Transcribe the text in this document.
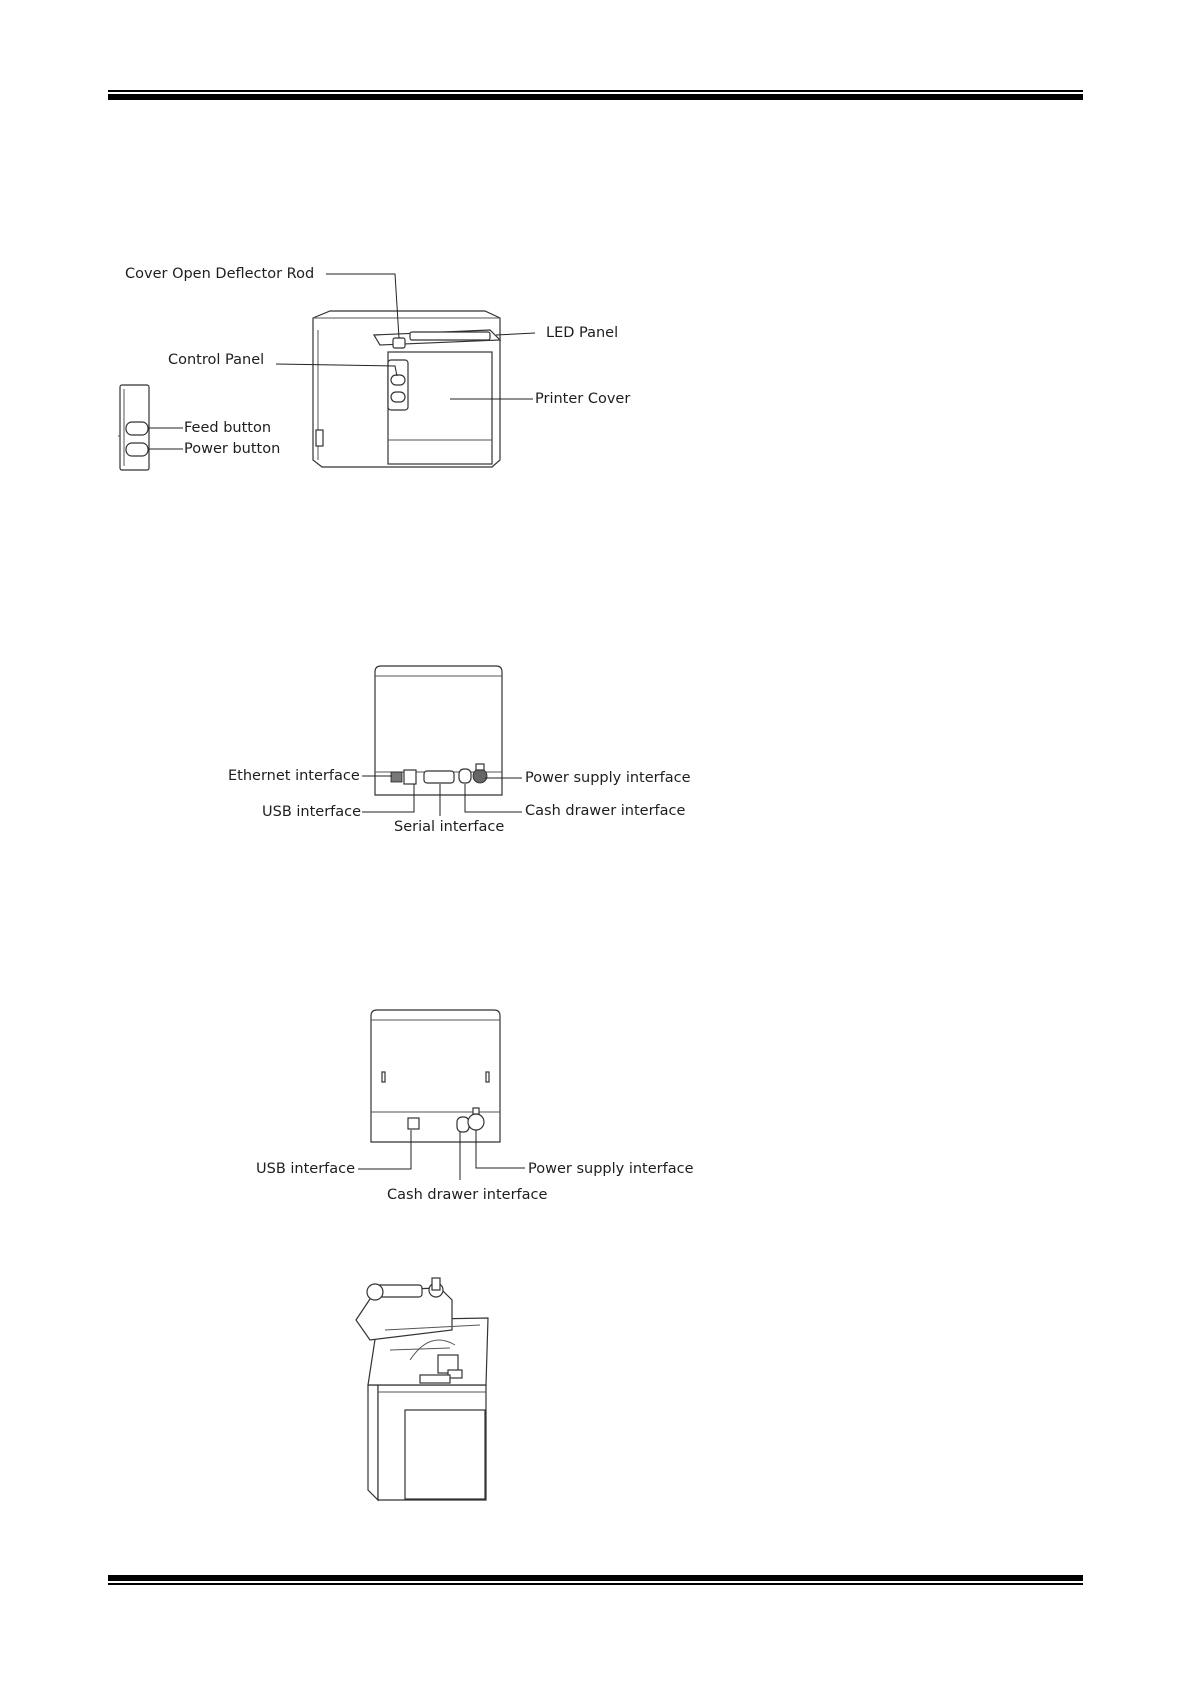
Cover Open Deflector Rod
LED Panel
Control Panel
Printer Cover
Feed button
Power button
Ethernet interface
USB interface
Serial interface
Power supply interface
Cash drawer interface
USB interface
Cash drawer interface
Power supply interface
